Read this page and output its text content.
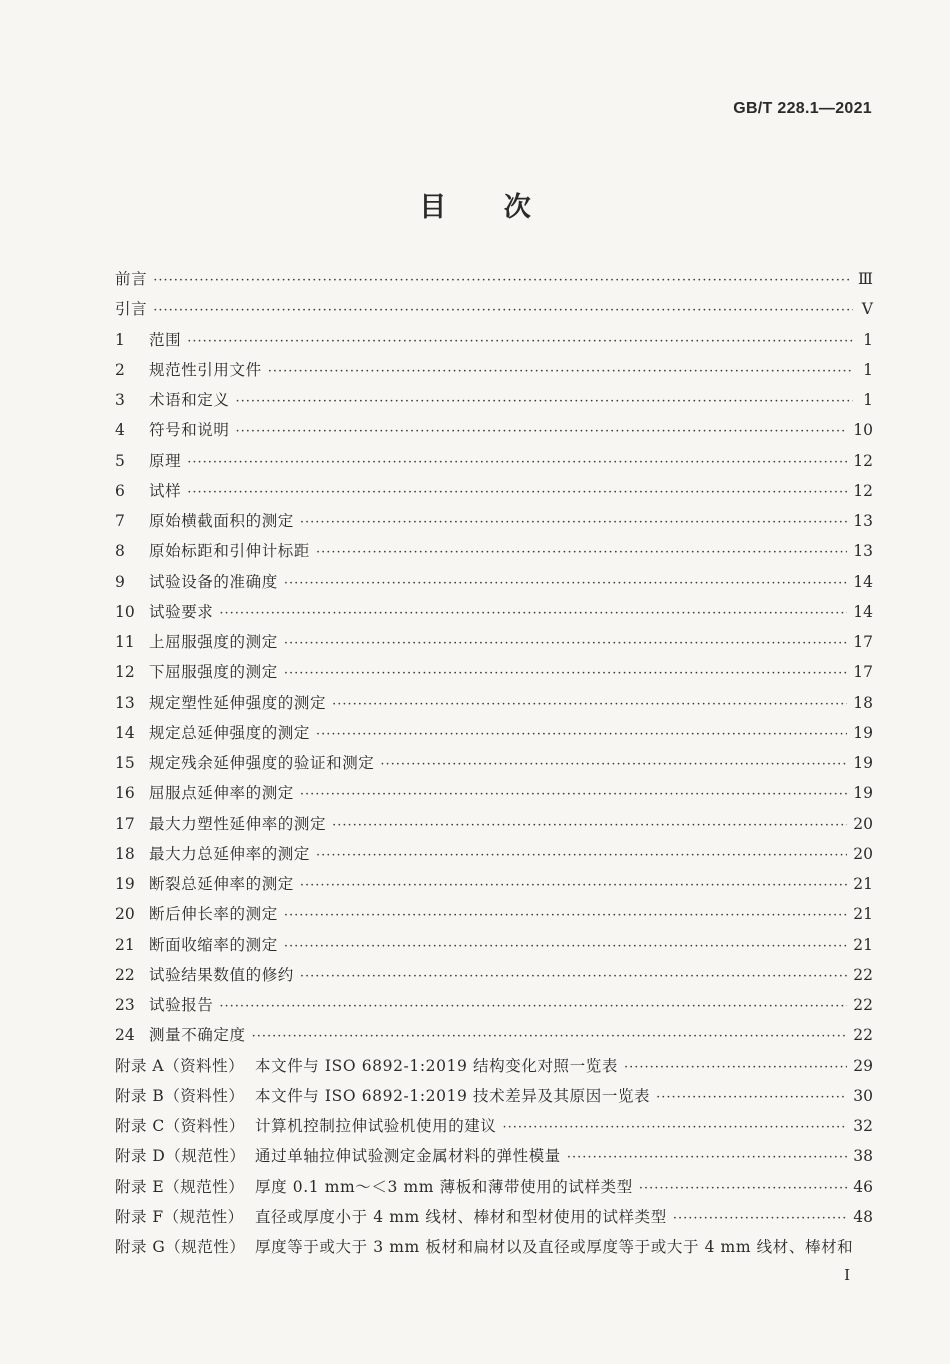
GB/T 228.1—2021
目 次
前言 ·····	Ⅲ
引言 ·····	Ⅴ
1	范围 ·····	1
2	规范性引用文件 ·····	1
3	术语和定义 ·····	1
4	符号和说明 ·····	10
5	原理 ·····	12
6	试样 ·····	12
7	原始横截面积的测定 ·····	13
8	原始标距和引伸计标距 ·····	13
9	试验设备的准确度 ·····	14
10 试验要求 ·····	14
11 上屈服强度的测定 ·····	17
12 下屈服强度的测定 ·····	17
13 规定塑性延伸强度的测定 ·····	18
14 规定总延伸强度的测定 ·····	19
15 规定残余延伸强度的验证和测定 ·····	19
16 屈服点延伸率的测定 ·····	19
17 最大力塑性延伸率的测定 ·····	20
18 最大力总延伸率的测定 ·····	20
19 断裂总延伸率的测定 ·····	21
20 断后伸长率的测定 ·····	21
21 断面收缩率的测定 ·····	21
22 试验结果数值的修约 ·····	22
23 试验报告 ·····	22
24 测量不确定度 ·····	22
附录 A（资料性） 本文件与 ISO 6892-1:2019 结构变化对照一览表 ·····	29
附录 B（资料性） 本文件与 ISO 6892-1:2019 技术差异及其原因一览表 ·····	30
附录 C（资料性） 计算机控制拉伸试验机使用的建议 ·····	32
附录 D（规范性） 通过单轴拉伸试验测定金属材料的弹性模量 ·····	38
附录 E（规范性） 厚度 0.1 mm～＜3 mm 薄板和薄带使用的试样类型 ·····	46
附录 F（规范性） 直径或厚度小于 4 mm 线材、棒材和型材使用的试样类型 ·····	48
附录 G（规范性） 厚度等于或大于 3 mm 板材和扁材以及直径或厚度等于或大于 4 mm 线材、棒材和
I
